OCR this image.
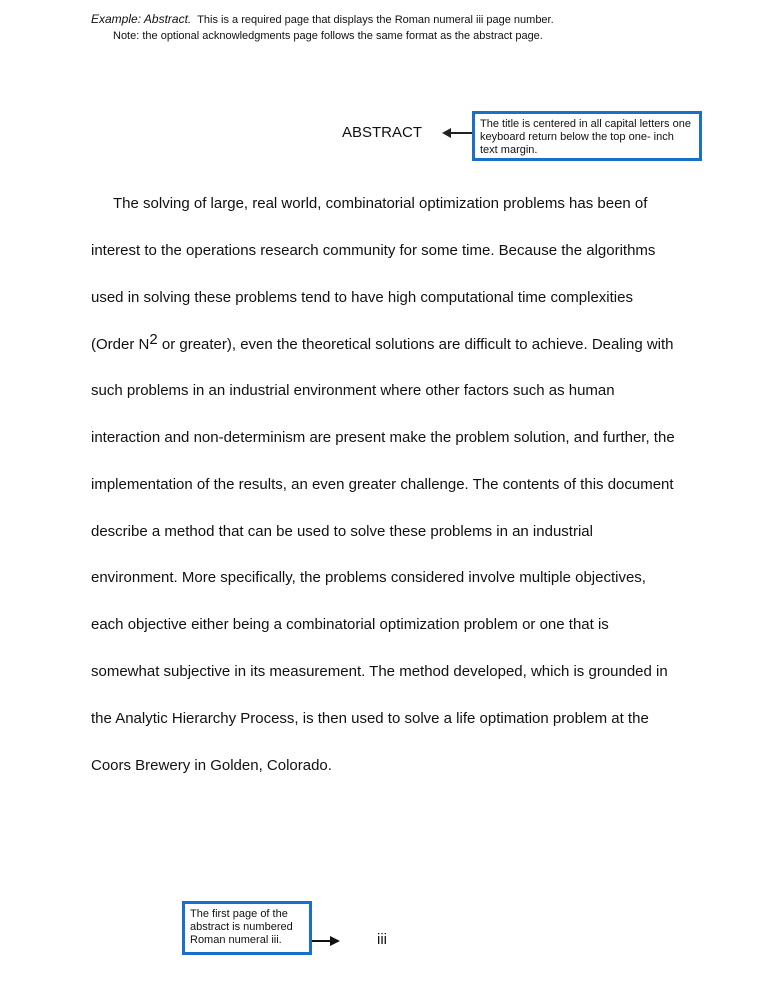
Example: Abstract. This is a required page that displays the Roman numeral iii page number.
Note: the optional acknowledgments page follows the same format as the abstract page.
ABSTRACT	The title is centered in all capital letters one keyboard return below the top one- inch text margin.
The solving of large, real world, combinatorial optimization problems has been of
interest to the operations research community for some time. Because the algorithms
used in solving these problems tend to have high computational time complexities
(Order $N^2$ or greater), even the theoretical solutions are difficult to achieve. Dealing with
such problems in an industrial environment where other factors such as human
interaction and non-determinism are present make the problem solution, and further, the
implementation of the results, an even greater challenge. The contents of this document
describe a method that can be used to solve these problems in an industrial
environment. More specifically, the problems considered involve multiple objectives,
each objective either being a combinatorial optimization problem or one that is
somewhat subjective in its measurement. The method developed, which is grounded in
the Analytic Hierarchy Process, is then used to solve a life optimation problem at the
Coors Brewery in Golden, Colorado.
The first page of the abstract is numbered Roman numeral iii.	iii
